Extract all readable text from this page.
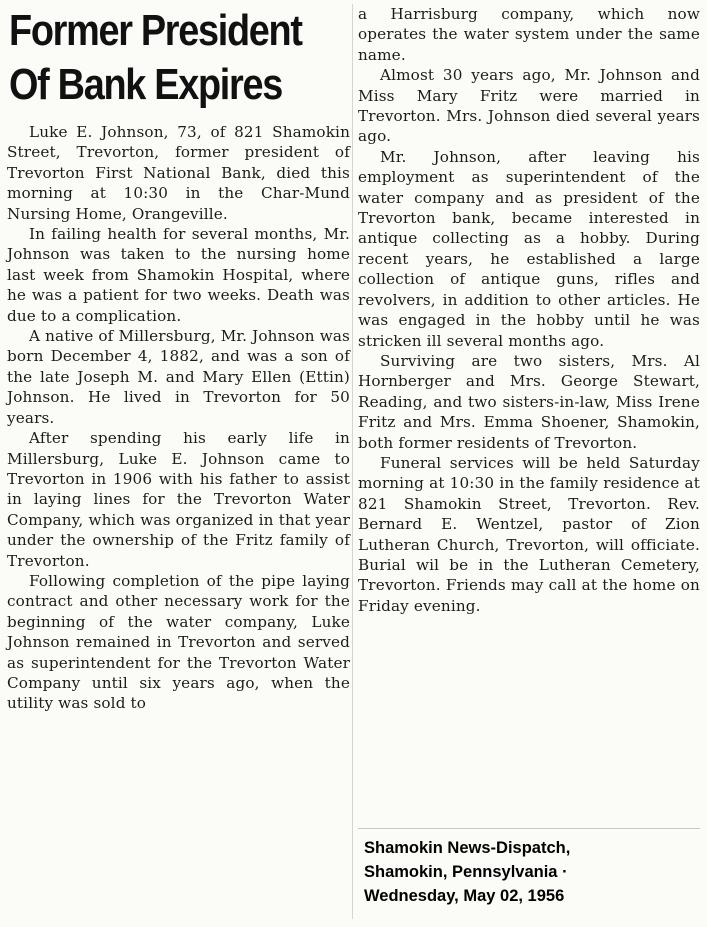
Former President
Of Bank Expires

Luke E. Johnson, 73, of 821 Shamokin Street, Trevorton, former president of Trevorton First National Bank, died this morning at 10:30 in the Char-Mund Nursing Home, Orangeville.

In failing health for several months, Mr. Johnson was taken to the nursing home last week from Shamokin Hospital, where he was a patient for two weeks. Death was due to a complication.

A native of Millersburg, Mr. Johnson was born December 4, 1882, and was a son of the late Joseph M. and Mary Ellen (Ettin) Johnson. He lived in Trevorton for 50 years.

After spending his early life in Millersburg, Luke E. Johnson came to Trevorton in 1906 with his father to assist in laying lines for the Trevorton Water Company, which was organized in that year under the ownership of the Fritz family of Trevorton.

Following completion of the pipe laying contract and other necessary work for the beginning of the water company, Luke Johnson remained in Trevorton and served as superintendent for the Trevorton Water Company until six years ago, when the utility was sold to

a Harrisburg company, which now operates the water system under the same name.

Almost 30 years ago, Mr. Johnson and Miss Mary Fritz were married in Trevorton. Mrs. Johnson died several years ago.

Mr. Johnson, after leaving his employment as superintendent of the water company and as president of the Trevorton bank, became interested in antique collecting as a hobby. During recent years, he established a large collection of antique guns, rifles and revolvers, in addition to other articles. He was engaged in the hobby until he was stricken ill several months ago.

Surviving are two sisters, Mrs. Al Hornberger and Mrs. George Stewart, Reading, and two sisters-in-law, Miss Irene Fritz and Mrs. Emma Shoener, Shamokin, both former residents of Trevorton.

Funeral services will be held Saturday morning at 10:30 in the family residence at 821 Shamokin Street, Trevorton. Rev. Bernard E. Wentzel, pastor of Zion Lutheran Church, Trevorton, will officiate. Burial wil be in the Lutheran Cemetery, Trevorton. Friends may call at the home on Friday evening.

Shamokin News-Dispatch,
Shamokin, Pennsylvania ·
Wednesday, May 02, 1956
